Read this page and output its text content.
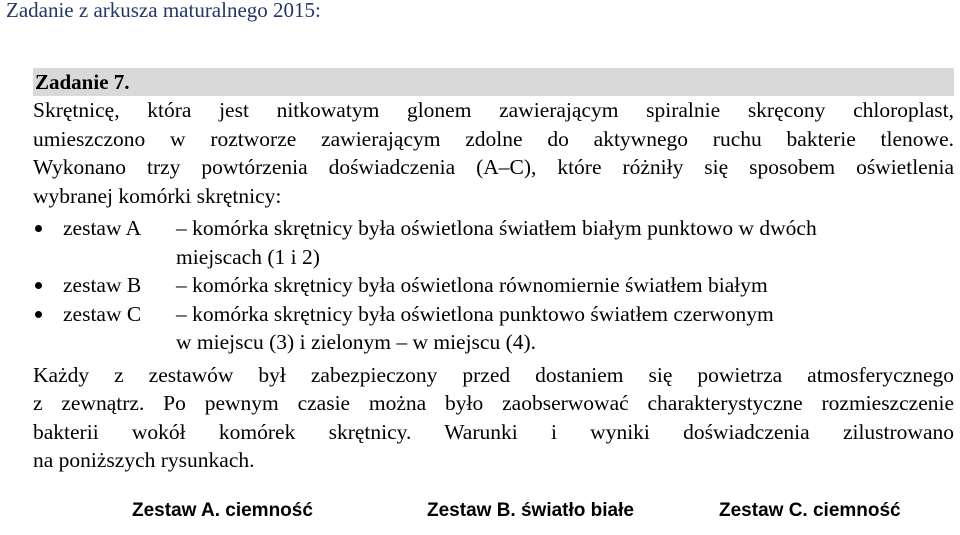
Zadanie z arkusza maturalnego 2015:
Zadanie 7.
Skrętnicę, która jest nitkowatym glonem zawierającym spiralnie skręcony chloroplast,
umieszczono w roztworze zawierającym zdolne do aktywnego ruchu bakterie tlenowe.
Wykonano trzy powtórzenia doświadczenia (A–C), które różniły się sposobem oświetlenia
wybranej komórki skrętnicy:
zestaw A – komórka skrętnicy była oświetlona światłem białym punktowo w dwóch
miejscach (1 i 2)
zestaw B – komórka skrętnicy była oświetlona równomiernie światłem białym
zestaw C – komórka skrętnicy była oświetlona punktowo światłem czerwonym
w miejscu (3) i zielonym – w miejscu (4).
Każdy z zestawów był zabezpieczony przed dostaniem się powietrza atmosferycznego
z zewnątrz. Po pewnym czasie można było zaobserwować charakterystyczne rozmieszczenie
bakterii wokół komórek skrętnicy. Warunki i wyniki doświadczenia zilustrowano
na poniższych rysunkach.
Zestaw A. ciemność	Zestaw B. światło białe	Zestaw C. ciemność
